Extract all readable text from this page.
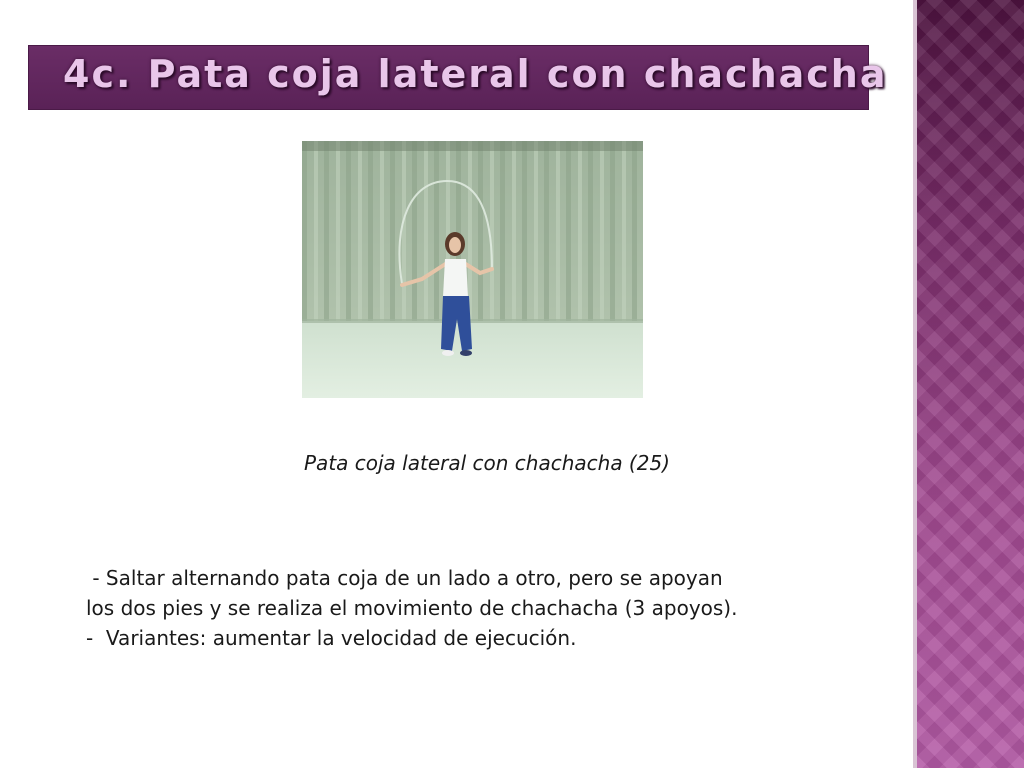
4c. Pata coja lateral con chachacha
Pata coja lateral con chachacha (25)
- Saltar alternando pata coja de un lado a otro, pero se apoyan
los dos pies y se realiza el movimiento de chachacha (3 apoyos).
-  Variantes: aumentar la velocidad de ejecución.
